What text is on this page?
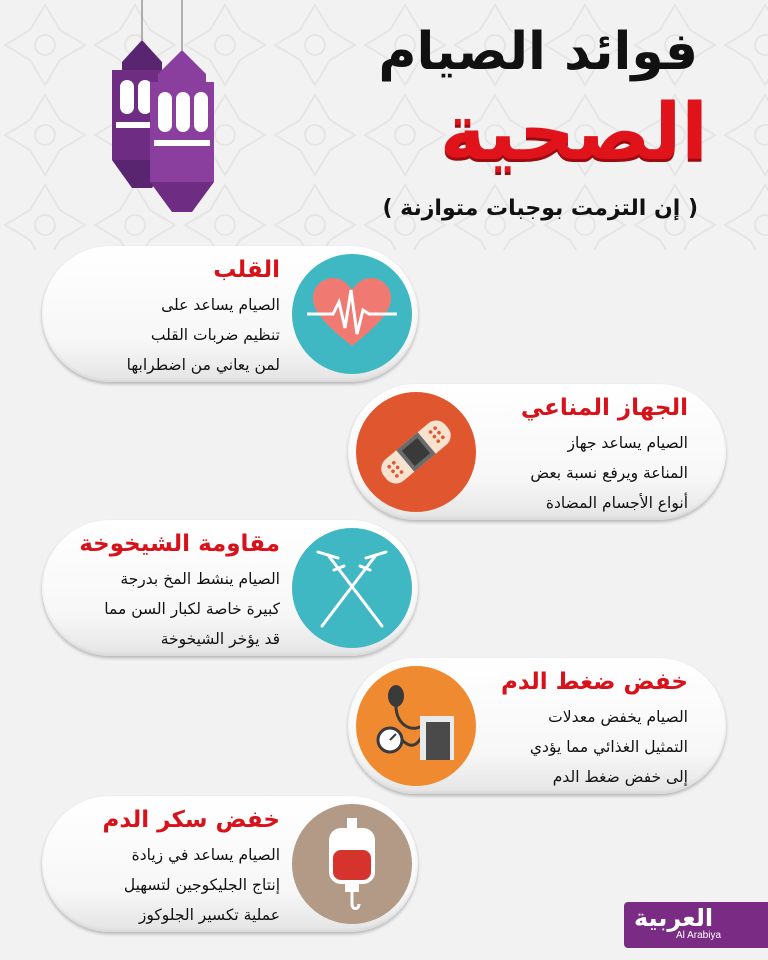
فوائد الصيام
الصحية
( إن التزمت بوجبات متوازنة )
القلب
الصيام يساعد على
تنظيم ضربات القلب
لمن يعاني من اضطرابها
الجهاز المناعي
الصيام يساعد جهاز
المناعة ويرفع نسبة بعض
أنواع الأجسام المضادة
مقاومة الشيخوخة
الصيام ينشط المخ بدرجة
كبيرة خاصة لكبار السن مما
قد يؤخر الشيخوخة
خفض ضغط الدم
الصيام يخفض معدلات
التمثيل الغذائي مما يؤدي
إلى خفض ضغط الدم
خفض سكر الدم
الصيام يساعد في زيادة
إنتاج الجليكوجين لتسهيل
عملية تكسير الجلوكوز	العربية
Al Arabiya
